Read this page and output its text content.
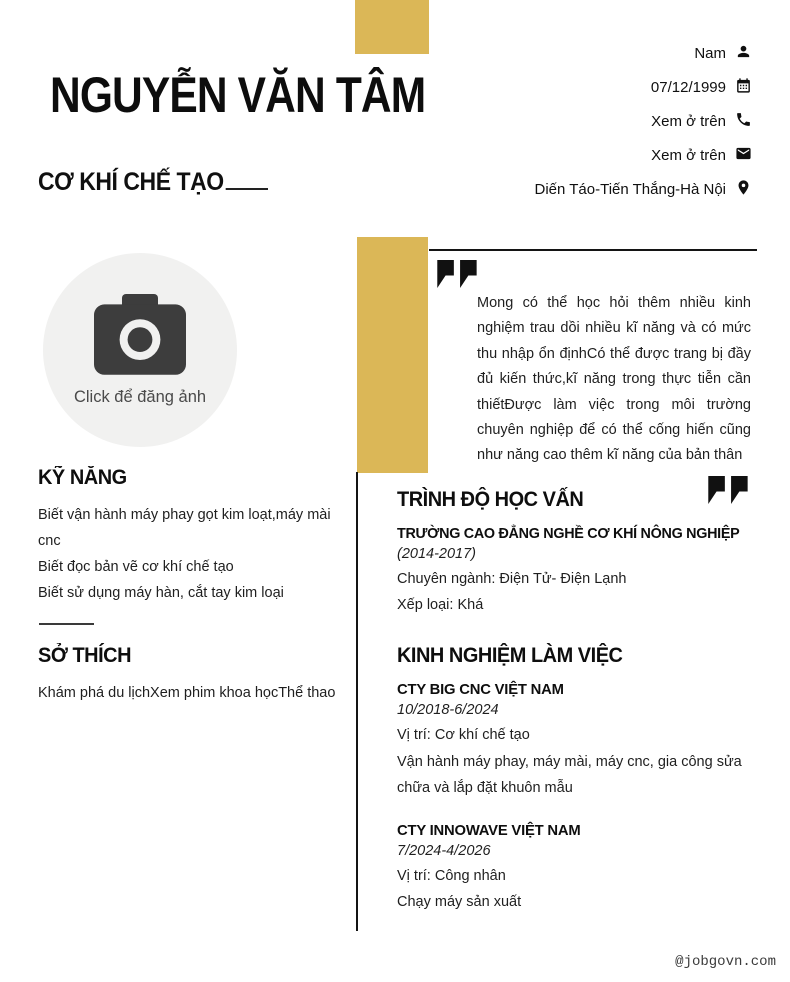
NGUYỄN VĂN TÂM
CƠ KHÍ CHẾ TẠO
Nam
07/12/1999
Xem ở trên
Xem ở trên
Diến Táo-Tiến Thắng-Hà Nội
Click để đăng ảnh
Mong có thể học hỏi thêm nhiều kinh nghiệm trau dồi nhiều kĩ năng và có mức thu nhập ổn địnhCó thể được trang bị đầy đủ kiến thức,kĩ năng trong thực tiễn cần thiếtĐược làm việc trong môi trường chuyên nghiệp để có thể cống hiến cũng như năng cao thêm kĩ năng của bản thân
KỸ NĂNG
Biết vận hành máy phay gọt kim loạt,máy mài cnc
Biết đọc bản vẽ cơ khí chế tạo
Biết sử dụng máy hàn, cắt tay kim loại
SỞ THÍCH
Khám phá du lịchXem phim khoa họcThể thao
TRÌNH ĐỘ HỌC VẤN
TRƯỜNG CAO ĐẲNG NGHỀ CƠ KHÍ NÔNG NGHIỆP
(2014-2017)
Chuyên ngành: Điện Tử- Điện Lạnh
Xếp loại: Khá
KINH NGHIỆM LÀM VIỆC
CTY BIG CNC VIỆT NAM
10/2018-6/2024
Vị trí: Cơ khí chế tạo
Vận hành máy phay, máy mài, máy cnc, gia công sửa chữa và lắp đặt khuôn mẫu
CTY INNOWAVE VIỆT NAM
7/2024-4/2026
Vị trí: Công nhân
Chạy máy sản xuất
@jobgovn.com
